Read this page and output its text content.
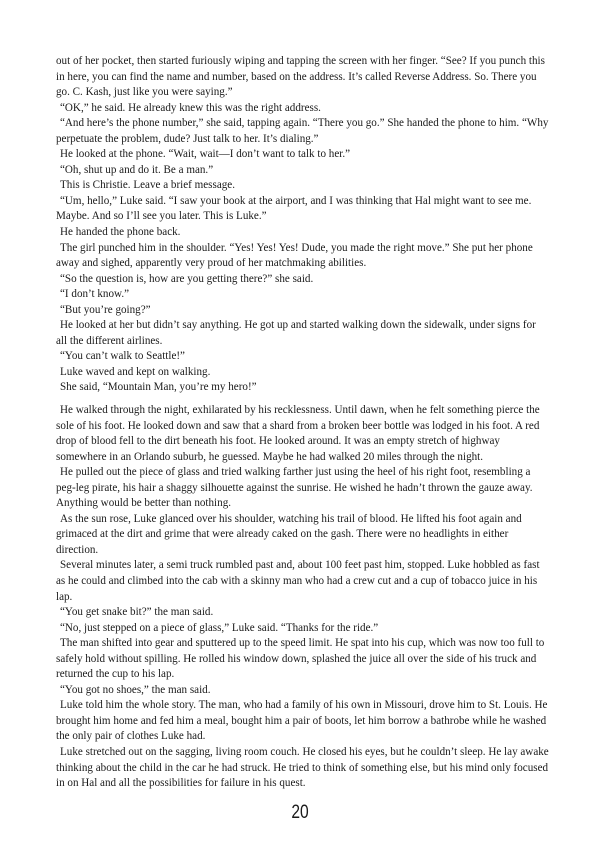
out of her pocket, then started furiously wiping and tapping the screen with her finger. “See? If you punch this in here, you can find the name and number, based on the address. It’s called Reverse Address. So. There you go. C. Kash, just like you were saying.”

“OK,” he said. He already knew this was the right address.

“And here’s the phone number,” she said, tapping again. “There you go.” She handed the phone to him. “Why perpetuate the problem, dude? Just talk to her. It’s dialing.”

He looked at the phone. “Wait, wait—I don’t want to talk to her.”

“Oh, shut up and do it. Be a man.”

This is Christie. Leave a brief message.

“Um, hello,” Luke said. “I saw your book at the airport, and I was thinking that Hal might want to see me. Maybe. And so I’ll see you later. This is Luke.”

He handed the phone back.

The girl punched him in the shoulder. “Yes! Yes! Yes! Dude, you made the right move.” She put her phone away and sighed, apparently very proud of her matchmaking abilities.

“So the question is, how are you getting there?” she said.

“I don’t know.”

“But you’re going?”

He looked at her but didn’t say anything. He got up and started walking down the sidewalk, under signs for all the different airlines.

“You can’t walk to Seattle!”

Luke waved and kept on walking.

She said, “Mountain Man, you’re my hero!”

He walked through the night, exhilarated by his recklessness. Until dawn, when he felt something pierce the sole of his foot. He looked down and saw that a shard from a broken beer bottle was lodged in his foot. A red drop of blood fell to the dirt beneath his foot. He looked around. It was an empty stretch of highway somewhere in an Orlando suburb, he guessed. Maybe he had walked 20 miles through the night.

He pulled out the piece of glass and tried walking farther just using the heel of his right foot, resembling a peg-leg pirate, his hair a shaggy silhouette against the sunrise. He wished he hadn’t thrown the gauze away. Anything would be better than nothing.

As the sun rose, Luke glanced over his shoulder, watching his trail of blood. He lifted his foot again and grimaced at the dirt and grime that were already caked on the gash. There were no headlights in either direction.

Several minutes later, a semi truck rumbled past and, about 100 feet past him, stopped. Luke hobbled as fast as he could and climbed into the cab with a skinny man who had a crew cut and a cup of tobacco juice in his lap.

“You get snake bit?” the man said.

“No, just stepped on a piece of glass,” Luke said. “Thanks for the ride.”

The man shifted into gear and sputtered up to the speed limit. He spat into his cup, which was now too full to safely hold without spilling. He rolled his window down, splashed the juice all over the side of his truck and returned the cup to his lap.

“You got no shoes,” the man said.

Luke told him the whole story. The man, who had a family of his own in Missouri, drove him to St. Louis. He brought him home and fed him a meal, bought him a pair of boots, let him borrow a bathrobe while he washed the only pair of clothes Luke had.

Luke stretched out on the sagging, living room couch. He closed his eyes, but he couldn’t sleep. He lay awake thinking about the child in the car he had struck. He tried to think of something else, but his mind only focused in on Hal and all the possibilities for failure in his quest.

20
